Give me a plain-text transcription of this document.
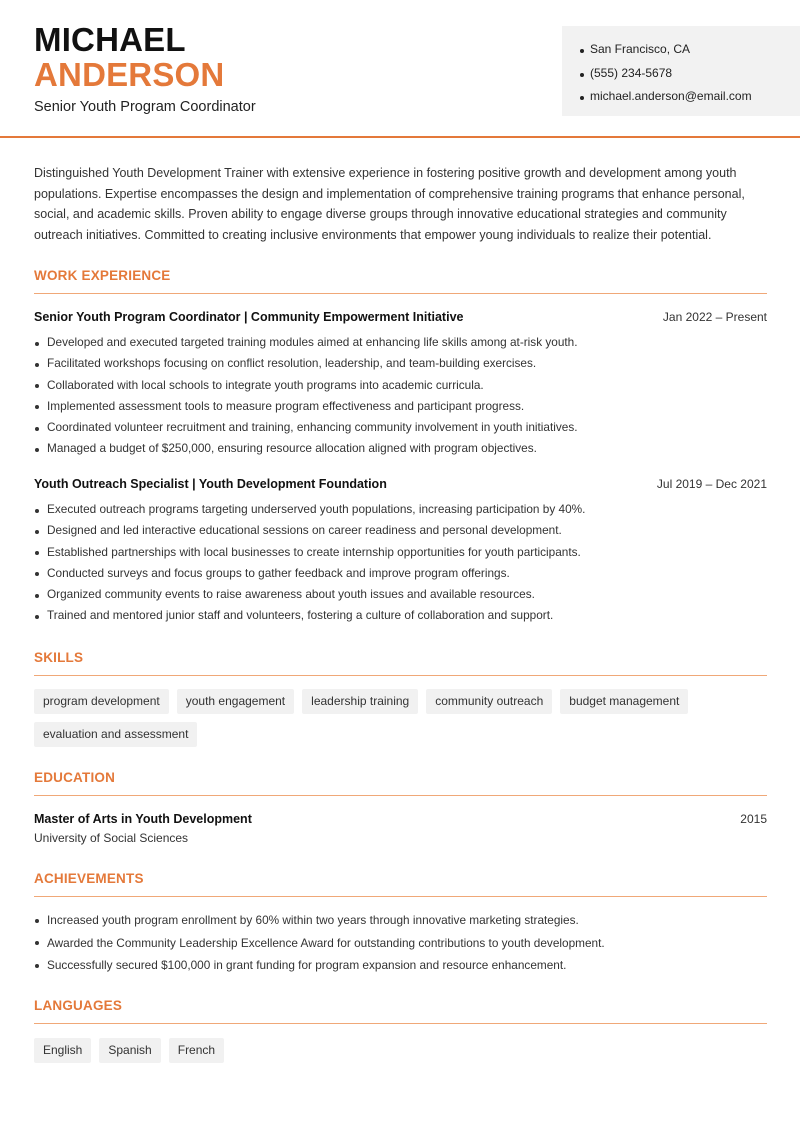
MICHAEL
ANDERSON
Senior Youth Program Coordinator
San Francisco, CA
(555) 234-5678
michael.anderson@email.com

Distinguished Youth Development Trainer with extensive experience in fostering positive growth and development among youth populations. Expertise encompasses the design and implementation of comprehensive training programs that enhance personal, social, and academic skills. Proven ability to engage diverse groups through innovative educational strategies and community outreach initiatives. Committed to creating inclusive environments that empower young individuals to realize their potential.

WORK EXPERIENCE
Senior Youth Program Coordinator | Community Empowerment Initiative	Jan 2022 – Present
Developed and executed targeted training modules aimed at enhancing life skills among at-risk youth.
Facilitated workshops focusing on conflict resolution, leadership, and team-building exercises.
Collaborated with local schools to integrate youth programs into academic curricula.
Implemented assessment tools to measure program effectiveness and participant progress.
Coordinated volunteer recruitment and training, enhancing community involvement in youth initiatives.
Managed a budget of $250,000, ensuring resource allocation aligned with program objectives.
Youth Outreach Specialist | Youth Development Foundation	Jul 2019 – Dec 2021
Executed outreach programs targeting underserved youth populations, increasing participation by 40%.
Designed and led interactive educational sessions on career readiness and personal development.
Established partnerships with local businesses to create internship opportunities for youth participants.
Conducted surveys and focus groups to gather feedback and improve program offerings.
Organized community events to raise awareness about youth issues and available resources.
Trained and mentored junior staff and volunteers, fostering a culture of collaboration and support.
SKILLS
program development	youth engagement	leadership training	community outreach	budget management
evaluation and assessment
EDUCATION
Master of Arts in Youth Development	2015
University of Social Sciences
ACHIEVEMENTS
Increased youth program enrollment by 60% within two years through innovative marketing strategies.
Awarded the Community Leadership Excellence Award for outstanding contributions to youth development.
Successfully secured $100,000 in grant funding for program expansion and resource enhancement.
LANGUAGES
English	Spanish	French
